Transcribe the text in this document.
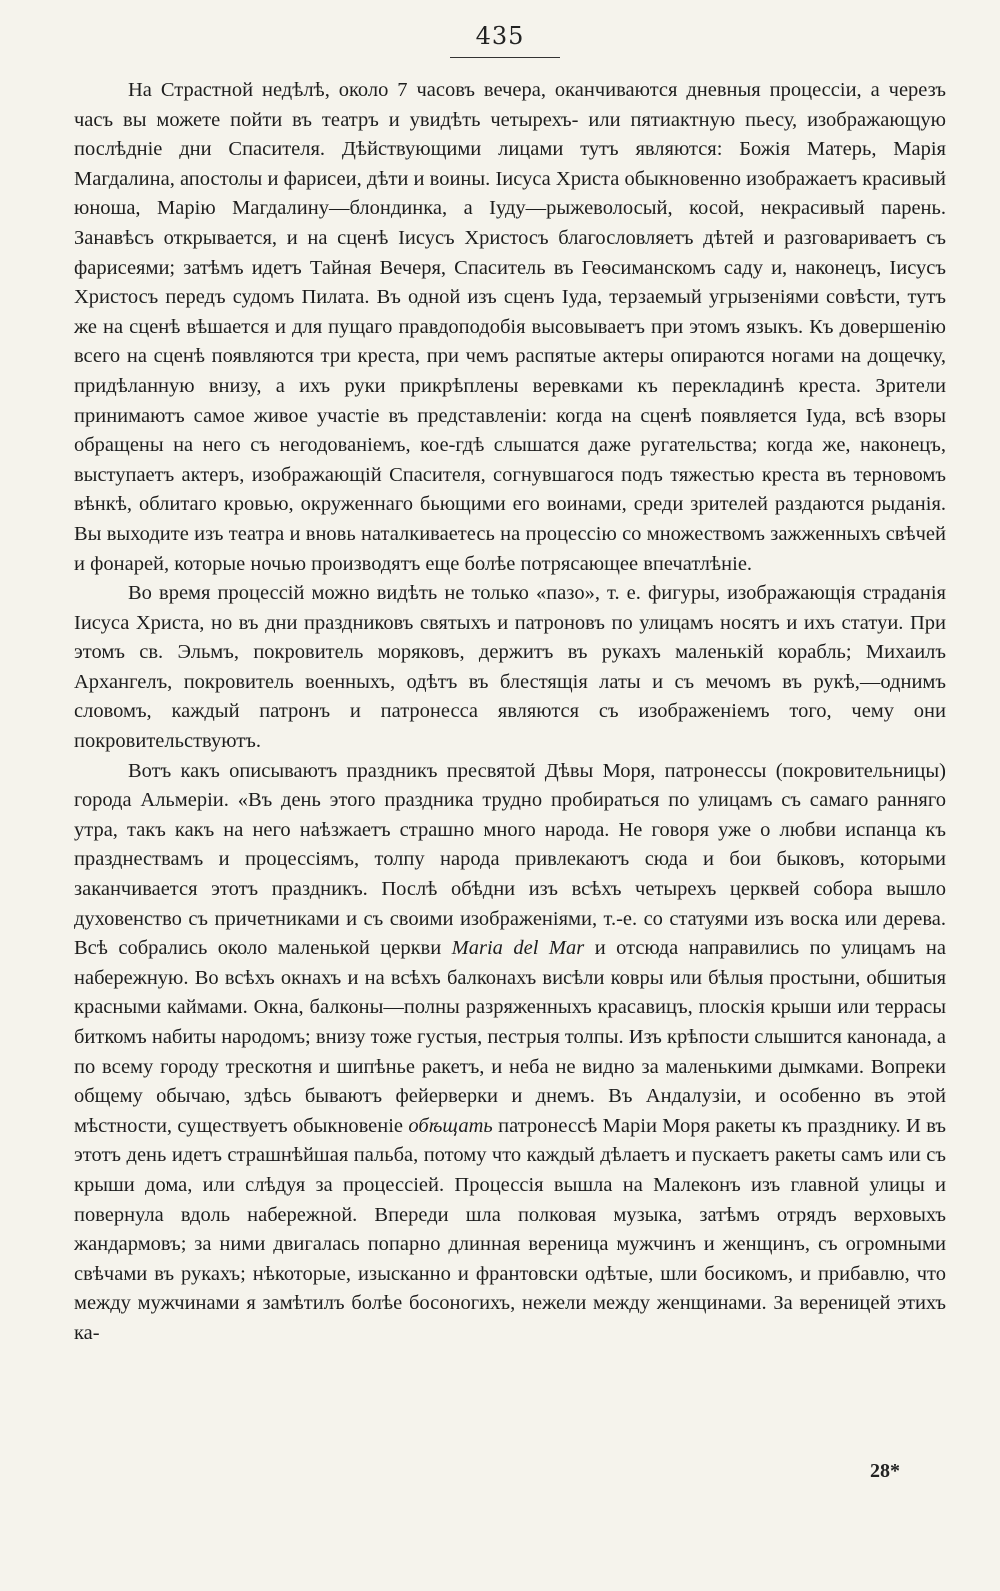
435

На Страстной недѣлѣ, около 7 часовъ вечера, оканчиваются дневныя процессіи, а черезъ часъ вы можете пойти въ театръ и увидѣть четырехъ- или пятиактную пьесу, изображающую послѣдніе дни Спасителя. Дѣйствующими лицами тутъ являются: Божія Матерь, Марія Магдалина, апостолы и фарисеи, дѣти и воины. Іисуса Христа обыкновенно изображаетъ красивый юноша, Марію Магдалину—блондинка, а Іуду—рыжеволосый, косой, некрасивый парень. Занавѣсъ открывается, и на сценѣ Іисусъ Христосъ благословляетъ дѣтей и разговариваетъ съ фарисеями; затѣмъ идетъ Тайная Вечеря, Спаситель въ Геѳсиманскомъ саду и, наконецъ, Іисусъ Христосъ передъ судомъ Пилата. Въ одной изъ сценъ Іуда, терзаемый угрызеніями совѣсти, тутъ же на сценѣ вѣшается и для пущаго правдоподобія высовываетъ при этомъ языкъ. Къ довершенію всего на сценѣ появляются три креста, при чемъ распятые актеры опираются ногами на дощечку, придѣланную внизу, а ихъ руки прикрѣплены веревками къ перекладинѣ креста. Зрители принимаютъ самое живое участіе въ представленіи: когда на сценѣ появляется Іуда, всѣ взоры обращены на него съ негодованіемъ, кое-гдѣ слышатся даже ругательства; когда же, наконецъ, выступаетъ актеръ, изображающій Спасителя, согнувшагося подъ тяжестью креста въ терновомъ вѣнкѣ, облитаго кровью, окруженнаго бьющими его воинами, среди зрителей раздаются рыданія. Вы выходите изъ театра и вновь наталкиваетесь на процессію со множествомъ зажженныхъ свѣчей и фонарей, которые ночью производятъ еще болѣе потрясающее впечатлѣніе.

Во время процессій можно видѣть не только «пазо», т. е. фигуры, изображающія страданія Іисуса Христа, но въ дни праздниковъ святыхъ и патроновъ по улицамъ носятъ и ихъ статуи. При этомъ св. Эльмъ, покровитель моряковъ, держитъ въ рукахъ маленькій корабль; Михаилъ Архангелъ, покровитель военныхъ, одѣтъ въ блестящія латы и съ мечомъ въ рукѣ,—однимъ словомъ, каждый патронъ и патронесса являются съ изображеніемъ того, чему они покровительствуютъ.

Вотъ какъ описываютъ праздникъ пресвятой Дѣвы Моря, патронессы (покровительницы) города Альмеріи. «Въ день этого праздника трудно пробираться по улицамъ съ самаго ранняго утра, такъ какъ на него наѣзжаетъ страшно много народа. Не говоря уже о любви испанца къ празднествамъ и процессіямъ, толпу народа привлекаютъ сюда и бои быковъ, которыми заканчивается этотъ праздникъ. Послѣ обѣдни изъ всѣхъ четырехъ церквей собора вышло духовенство съ причетниками и съ своими изображеніями, т.-е. со статуями изъ воска или дерева. Всѣ собрались около маленькой церкви Maria del Mar и отсюда направились по улицамъ на набережную. Во всѣхъ окнахъ и на всѣхъ балконахъ висѣли ковры или бѣлыя простыни, обшитыя красными каймами. Окна, балконы—полны разряженныхъ красавицъ, плоскія крыши или террасы биткомъ набиты народомъ; внизу тоже густыя, пестрыя толпы. Изъ крѣпости слышится канонада, а по всему городу трескотня и шипѣнье ракетъ, и неба не видно за маленькими дымками. Вопреки общему обычаю, здѣсь бываютъ фейерверки и днемъ. Въ Андалузіи, и особенно въ этой мѣстности, существуетъ обыкновеніе обѣщать патронессѣ Маріи Моря ракеты къ празднику. И въ этотъ день идетъ страшнѣйшая пальба, потому что каждый дѣлаетъ и пускаетъ ракеты самъ или съ крыши дома, или слѣдуя за процессіей. Процессія вышла на Малеконъ изъ главной улицы и повернула вдоль набережной. Впереди шла полковая музыка, затѣмъ отрядъ верховыхъ жандармовъ; за ними двигалась попарно длинная вереница мужчинъ и женщинъ, съ огромными свѣчами въ рукахъ; нѣкоторые, изысканно и франтовски одѣтые, шли босикомъ, и прибавлю, что между мужчинами я замѣтилъ болѣе босоногихъ, нежели между женщинами. За вереницей этихъ ка-

28*
